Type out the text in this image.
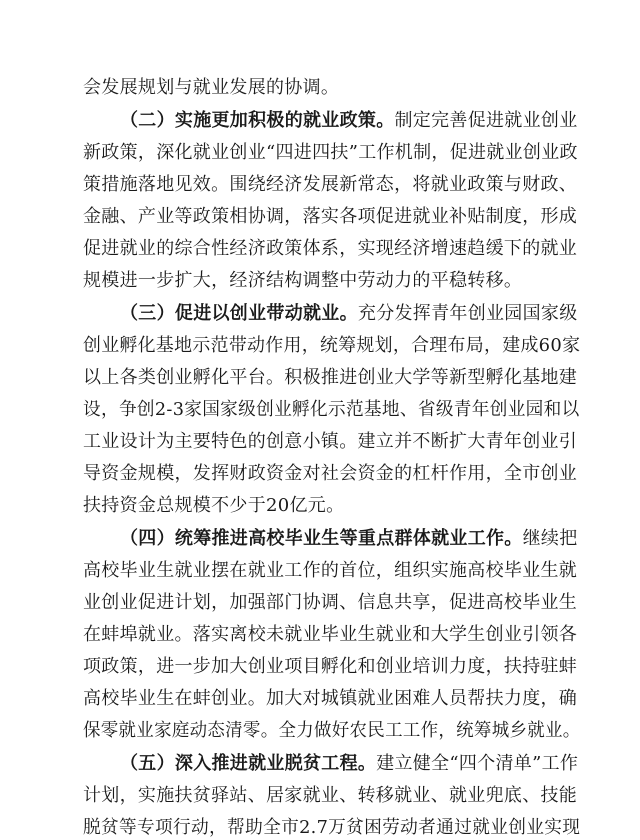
会发展规划与就业发展的协调。
（二）实施更加积极的就业政策。制定完善促进就业创业
新政策，深化就业创业“四进四扶”工作机制，促进就业创业政
策措施落地见效。围绕经济发展新常态，将就业政策与财政、
金融、产业等政策相协调，落实各项促进就业补贴制度，形成
促进就业的综合性经济政策体系，实现经济增速趋缓下的就业
规模进一步扩大，经济结构调整中劳动力的平稳转移。
（三）促进以创业带动就业。充分发挥青年创业园国家级
创业孵化基地示范带动作用，统筹规划，合理布局，建成60家
以上各类创业孵化平台。积极推进创业大学等新型孵化基地建
设，争创2-3家国家级创业孵化示范基地、省级青年创业园和以
工业设计为主要特色的创意小镇。建立并不断扩大青年创业引
导资金规模，发挥财政资金对社会资金的杠杆作用，全市创业
扶持资金总规模不少于20亿元。
（四）统筹推进高校毕业生等重点群体就业工作。继续把
高校毕业生就业摆在就业工作的首位，组织实施高校毕业生就
业创业促进计划，加强部门协调、信息共享，促进高校毕业生
在蚌埠就业。落实离校未就业毕业生就业和大学生创业引领各
项政策，进一步加大创业项目孵化和创业培训力度，扶持驻蚌
高校毕业生在蚌创业。加大对城镇就业困难人员帮扶力度，确
保零就业家庭动态清零。全力做好农民工工作，统筹城乡就业。
（五）深入推进就业脱贫工程。建立健全“四个清单”工作
计划，实施扶贫驿站、居家就业、转移就业、就业兜底、技能
脱贫等专项行动，帮助全市2.7万贫困劳动者通过就业创业实现
